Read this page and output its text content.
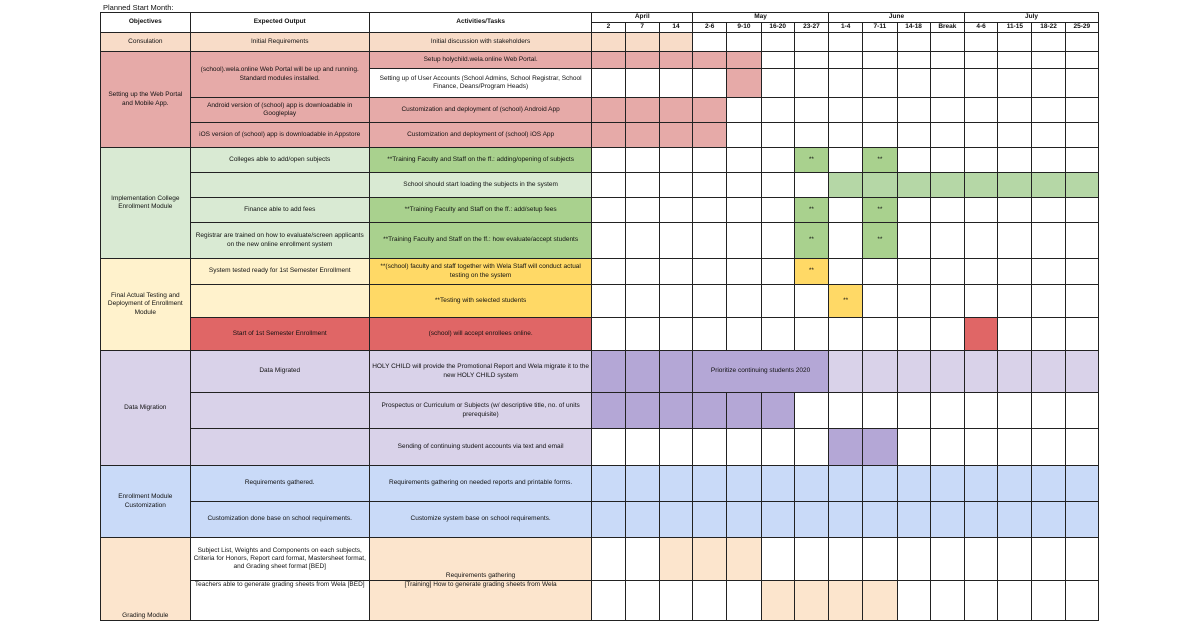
Planned Start Month:
Objectives	Expected Output	Activities/Tasks	April			May				June				July			
			2	7	14	2-6	9-10	16-20	23-27	1-4	7-11	14-18	Break	4-6	11-15	18-22	25-29
Consulation	Initial Requirements	Initial discussion with stakeholders															
Setting up the Web Portal and Mobile App.	(school).wela.online Web Portal will be up and running. Standard modules installed.	Setup holychild.wela.online Web Portal.															
		Setting up of User Accounts (School Admins, School Registrar, School Finance, Deans/Program Heads)															
	Android version of (school) app is downloadable in Googleplay	Customization and deployment of (school) Android App															
	iOS version of (school) app is downloadable in Appstore	Customization and deployment of (school) iOS App															
Implementation College Enrollment Module	Colleges able to add/open subjects	**Training Faculty and Staff on the ff.: adding/opening of subjects							**		**						
		School should start loading the subjects in the system															
	Finance able to add fees	**Training Faculty and Staff on the ff.: add/setup fees							**		**						
	Registrar are trained on how to evaluate/screen applicants on the new online enrollment system	**Training Faculty and Staff on the ff.: how evaluate/accept students							**		**						
Final Actual Testing and Deployment of Enrollment Module	System tested ready for 1st Semester Enrollment	**(school) faculty and staff together with Wela Staff will conduct actual testing on the system							**								
		**Testing with selected students								**							
	Start of 1st Semester Enrollment	(school) will accept enrollees online.															
Data Migration	Data Migrated	HOLY CHILD will provide the Promotional Report and Wela migrate it to the new HOLY CHILD system				Prioritize continuing students 2020											
		Prospectus or Curriculum or Subjects (w/ descriptive title, no. of units prerequisite)															
		Sending of continuing student accounts via text and email															
Enrollment Module Customization	Requirements gathered.	Requirements gathering on needed reports and printable forms.															
	Customization done base on school requirements.	Customize system base on school requirements.															
Grading Module	Subject List, Weights and Components on each subjects, Criteria for Honors, Report card format, Mastersheet format, and Grading sheet format [BED]	Requirements gathering															
	Teachers able to generate grading sheets from Wela [BED]	[Training] How to generate grading sheets from Wela															
